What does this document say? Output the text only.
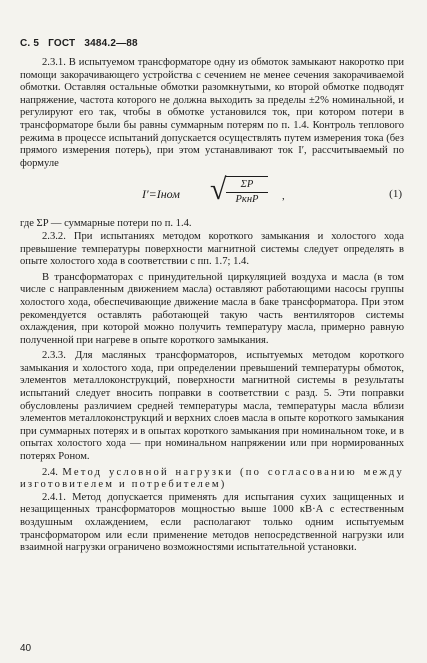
С. 5 ГОСТ 3484.2—88

2.3.1. В испытуемом трансформаторе одну из обмоток замыкают накоротко при помощи закорачивающего устройства с сечением не менее сечения закорачиваемой обмотки. Оставляя остальные обмотки разомкнутыми, ко второй обмотке подводят напряжение, частота которого не должна выходить за пределы ±2% номинальной, и регулируют его так, чтобы в обмотке установился ток, при котором потери в трансформаторе были бы равны суммарным потерям по п. 1.4. Контроль теплового режима в процессе испытаний допускается осуществлять путем измерения тока (без прямого измерения потерь), при этом устанавливают ток I′, рассчитываемый по формуле

I′=Iном √	ΣP
PкнР	,	(1)

где ΣP — суммарные потери по п. 1.4.

2.3.2. При испытаниях методом короткого замыкания и холостого хода превышение температуры поверхности магнитной системы следует определять в опыте холостого хода в соответствии с пп. 1.7; 1.4.

В трансформаторах с принудительной циркуляцией воздуха и масла (в том числе с направленным движением масла) оставляют работающими насосы группы холостого хода, обеспечивающие движение масла в баке трансформатора. При этом рекомендуется оставлять работающей такую часть вентиляторов системы охлаждения, при которой можно получить температуру масла, примерно равную полученной при нагреве в опыте короткого замыкания.

2.3.3. Для масляных трансформаторов, испытуемых методом короткого замыкания и холостого хода, при определении превышений температуры обмоток, элементов металлоконструкций, поверхности магнитной системы в результаты испытаний следует вносить поправки в соответствии с разд. 5. Эти поправки обусловлены различием средней температуры масла, температуры масла вблизи элементов металлоконструкций и верхних слоев масла в опыте короткого замыкания при суммарных потерях и в опытах короткого замыкания при номинальном токе, и в опытах холостого хода — при номинальном напряжении или при нормированных потерях Pоном.

2.4. Метод условной нагрузки (по согласованию между изготовителем и потребителем)

2.4.1. Метод допускается применять для испытания сухих защищенных и незащищенных трансформаторов мощностью выше 1000 кВ·А с естественным воздушным охлаждением, если располагают только одним испытуемым трансформатором или если применение методов непосредственной нагрузки или взаимной нагрузки ограничено возможностями испытательной установки.

40
